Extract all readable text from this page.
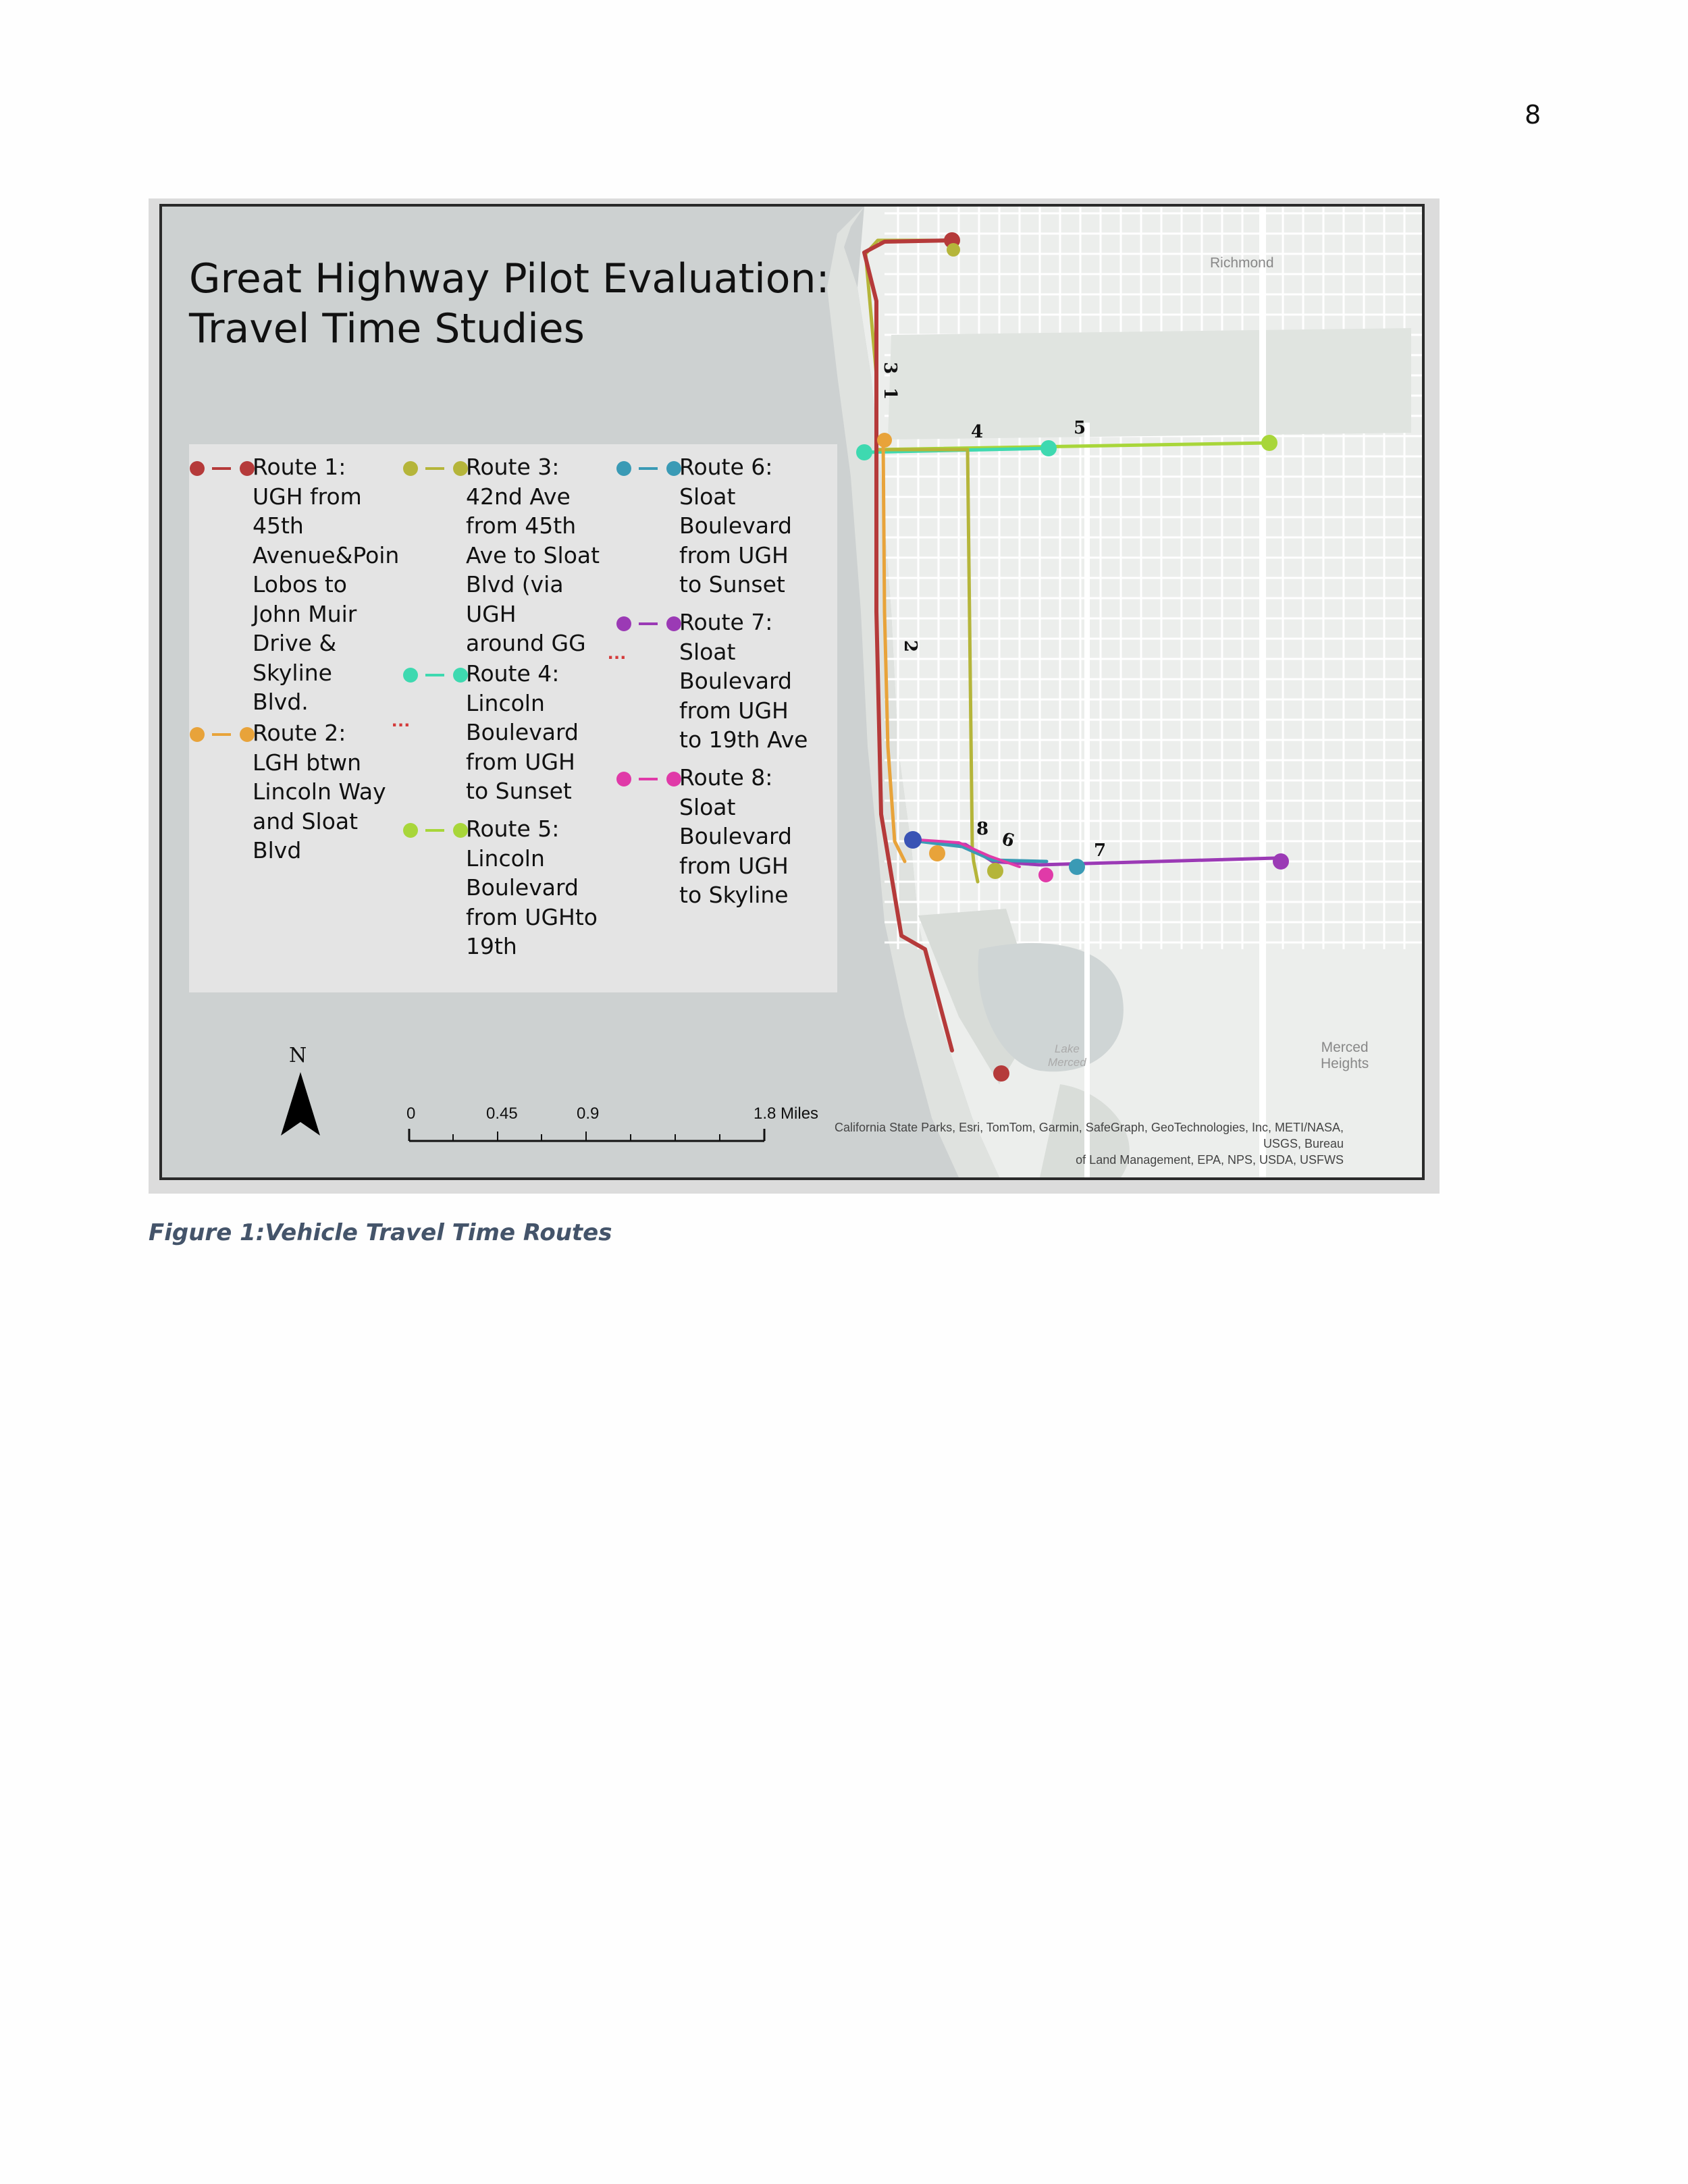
8
3
1
4	5
2
8 6	7
Richmond
Lake
Merced
Merced
Heights
Great Highway Pilot Evaluation:
Travel Time Studies
Route 1:
UGH from
45th
Avenue&Poin
Lobos to
John Muir
Drive &
Skyline
Blvd.
...
Route 2:
LGH btwn
Lincoln Way
and Sloat
Blvd
Route 3:
42nd Ave
from 45th
Ave to Sloat
Blvd (via
UGH
around GG	...
Route 4:
Lincoln
Boulevard
from UGH
to Sunset
Route 5:
Lincoln
Boulevard
from UGHto
19th
Route 6:
Sloat
Boulevard
from UGH
to Sunset
Route 7:
Sloat
Boulevard
from UGH
to 19th Ave
Route 8:
Sloat
Boulevard
from UGH
to Skyline
N
0	0.45	0.9	1.8 Miles
California State Parks, Esri, TomTom, Garmin, SafeGraph, GeoTechnologies, Inc, METI/NASA, USGS, Bureau
of Land Management, EPA, NPS, USDA, USFWS
Figure 1:Vehicle Travel Time Routes
